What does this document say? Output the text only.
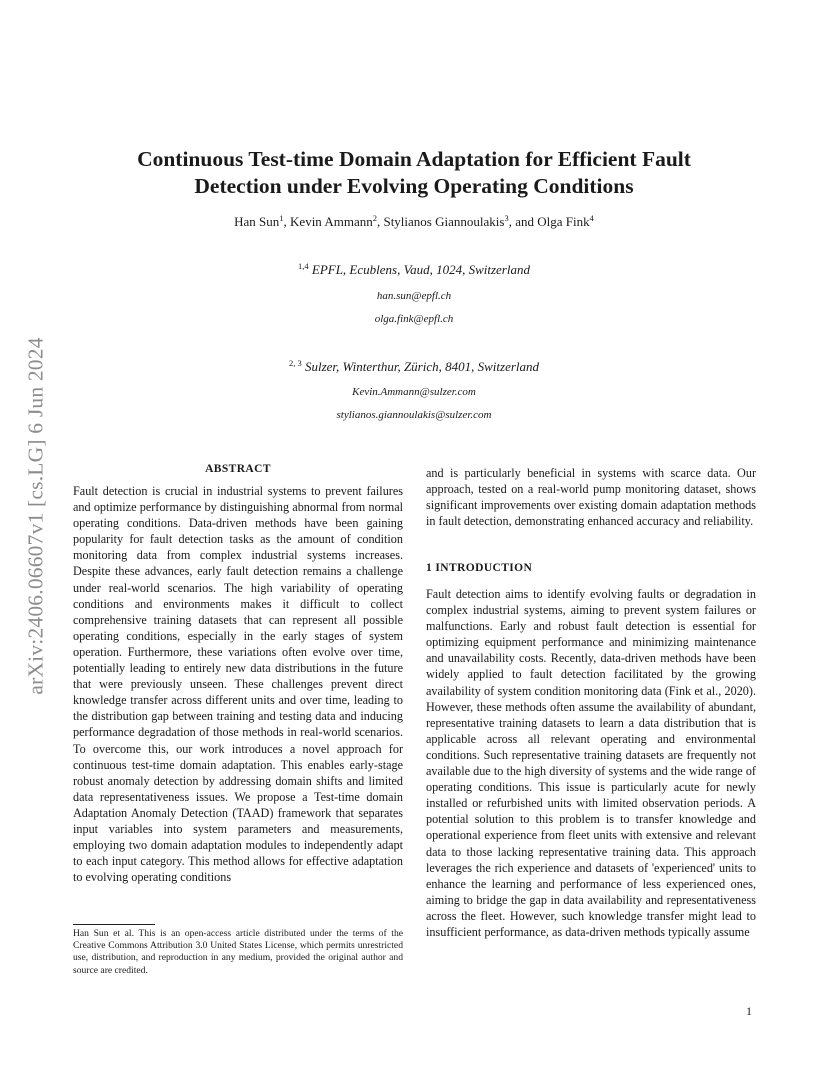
arXiv:2406.06607v1 [cs.LG] 6 Jun 2024
Continuous Test-time Domain Adaptation for Efficient Fault
Detection under Evolving Operating Conditions
Han Sun$^1$, Kevin Ammann$^2$, Stylianos Giannoulakis$^3$, and Olga Fink$^4$
$^{1,4}$ EPFL, Ecublens, Vaud, 1024, Switzerland
han.sun@epfl.ch
olga.fink@epfl.ch
$^{2, 3}$ Sulzer, Winterthur, Zürich, 8401, Switzerland
Kevin.Ammann@sulzer.com
stylianos.giannoulakis@sulzer.com
ABSTRACT

Fault detection is crucial in industrial systems to prevent failures and optimize performance by distinguishing abnormal from normal operating conditions. Data-driven methods have been gaining popularity for fault detection tasks as the amount of condition monitoring data from complex industrial systems increases. Despite these advances, early fault detection remains a challenge under real-world scenarios. The high variability of operating conditions and environments makes it difficult to collect comprehensive training datasets that can represent all possible operating conditions, especially in the early stages of system operation. Furthermore, these variations often evolve over time, potentially leading to entirely new data distributions in the future that were previously unseen. These challenges prevent direct knowledge transfer across different units and over time, leading to the distribution gap between training and testing data and inducing performance degradation of those methods in real-world scenarios. To overcome this, our work introduces a novel approach for continuous test-time domain adaptation. This enables early-stage robust anomaly detection by addressing domain shifts and limited data representativeness issues. We propose a Test-time domain Adaptation Anomaly Detection (TAAD) framework that separates input variables into system parameters and measurements, employing two domain adaptation modules to independently adapt to each input category. This method allows for effective adaptation to evolving operating conditions

and is particularly beneficial in systems with scarce data. Our approach, tested on a real-world pump monitoring dataset, shows significant improvements over existing domain adaptation methods in fault detection, demonstrating enhanced accuracy and reliability.

1 INTRODUCTION

Fault detection aims to identify evolving faults or degradation in complex industrial systems, aiming to prevent system failures or malfunctions. Early and robust fault detection is essential for optimizing equipment performance and minimizing maintenance and unavailability costs. Recently, data-driven methods have been widely applied to fault detection facilitated by the growing availability of system condition monitoring data (Fink et al., 2020). However, these methods often assume the availability of abundant, representative training datasets to learn a data distribution that is applicable across all relevant operating and environmental conditions. Such representative training datasets are frequently not available due to the high diversity of systems and the wide range of operating conditions. This issue is particularly acute for newly installed or refurbished units with limited observation periods. A potential solution to this problem is to transfer knowledge and operational experience from fleet units with extensive and relevant data to those lacking representative training data. This approach leverages the rich experience and datasets of 'experienced' units to enhance the learning and performance of less experienced ones, aiming to bridge the gap in data availability and representativeness across the fleet. However, such knowledge transfer might lead to insufficient performance, as data-driven methods typically assume

Han Sun et al. This is an open-access article distributed under the terms of the Creative Commons Attribution 3.0 United States License, which permits unrestricted use, distribution, and reproduction in any medium, provided the original author and source are credited.
1
